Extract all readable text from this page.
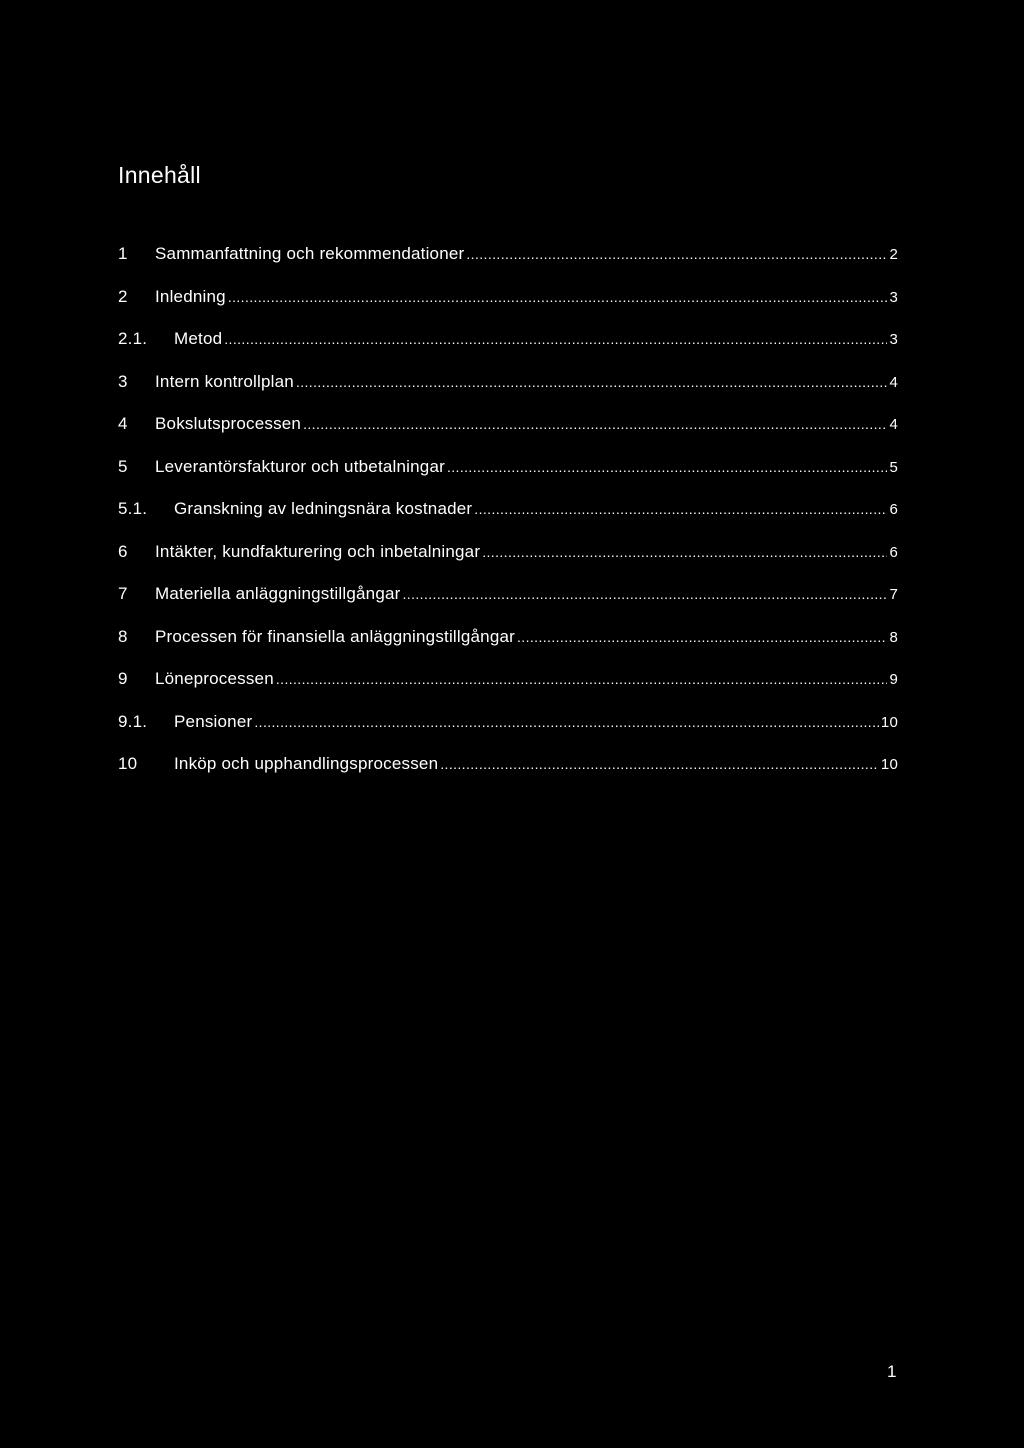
Innehåll
1	Sammanfattning och rekommendationer .....	2
2	Inledning .....	3
2.1.	Metod .....	3
3	Intern kontrollplan .....	4
4	Bokslutsprocessen .....	4
5	Leverantörsfakturor och utbetalningar .....	5
5.1.	Granskning av ledningsnära kostnader .....	6
6	Intäkter, kundfakturering och inbetalningar .....	6
7	Materiella anläggningstillgångar .....	7
8	Processen för finansiella anläggningstillgångar .....	8
9	Löneprocessen .....	9
9.1.	Pensioner .....	10
10	Inköp och upphandlingsprocessen .....	10
1
